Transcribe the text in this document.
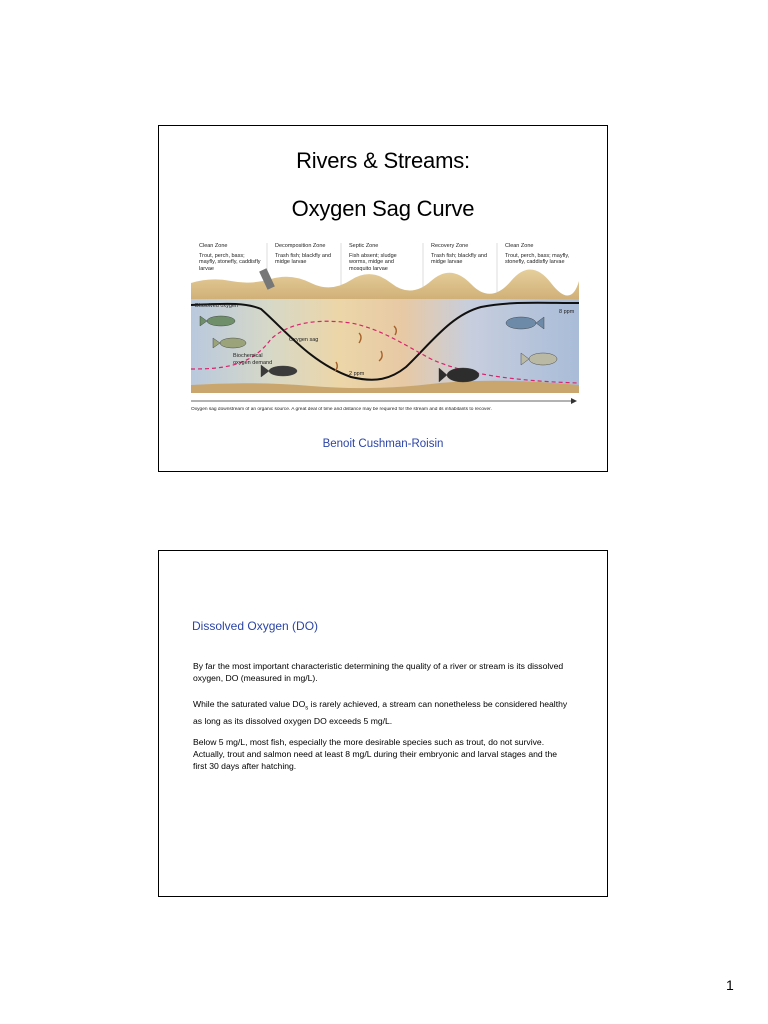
Rivers & Streams:
Oxygen Sag Curve
Clean Zone
Trout, perch, bass; mayfly, stonefly, caddisfly larvae
Decomposition Zone
Trash fish; blackfly and midge larvae
Septic Zone
Fish absent; sludge worms, midge and mosquito larvae
Recovery Zone
Trash fish; blackfly and midge larvae
Clean Zone
Trout, perch, bass; mayfly, stonefly, caddisfly larvae
Dissolved oxygen
Oxygen sag
Biochemical oxygen demand
8 ppm
2 ppm
Oxygen sag downstream of an organic source. A great deal of time and distance may be required for the stream and its inhabitants to recover.
Benoit Cushman-Roisin
Dissolved Oxygen (DO)
By far the most important characteristic determining the quality of a river or stream is its dissolved oxygen, DO (measured in mg/L).
While the saturated value $DO_s$ is rarely achieved, a stream can nonetheless be considered healthy as long as its dissolved oxygen DO exceeds 5 mg/L.
Below 5 mg/L, most fish, especially the more desirable species such as trout, do not survive. Actually, trout and salmon need at least 8 mg/L during their embryonic and larval stages and the first 30 days after hatching.
1
